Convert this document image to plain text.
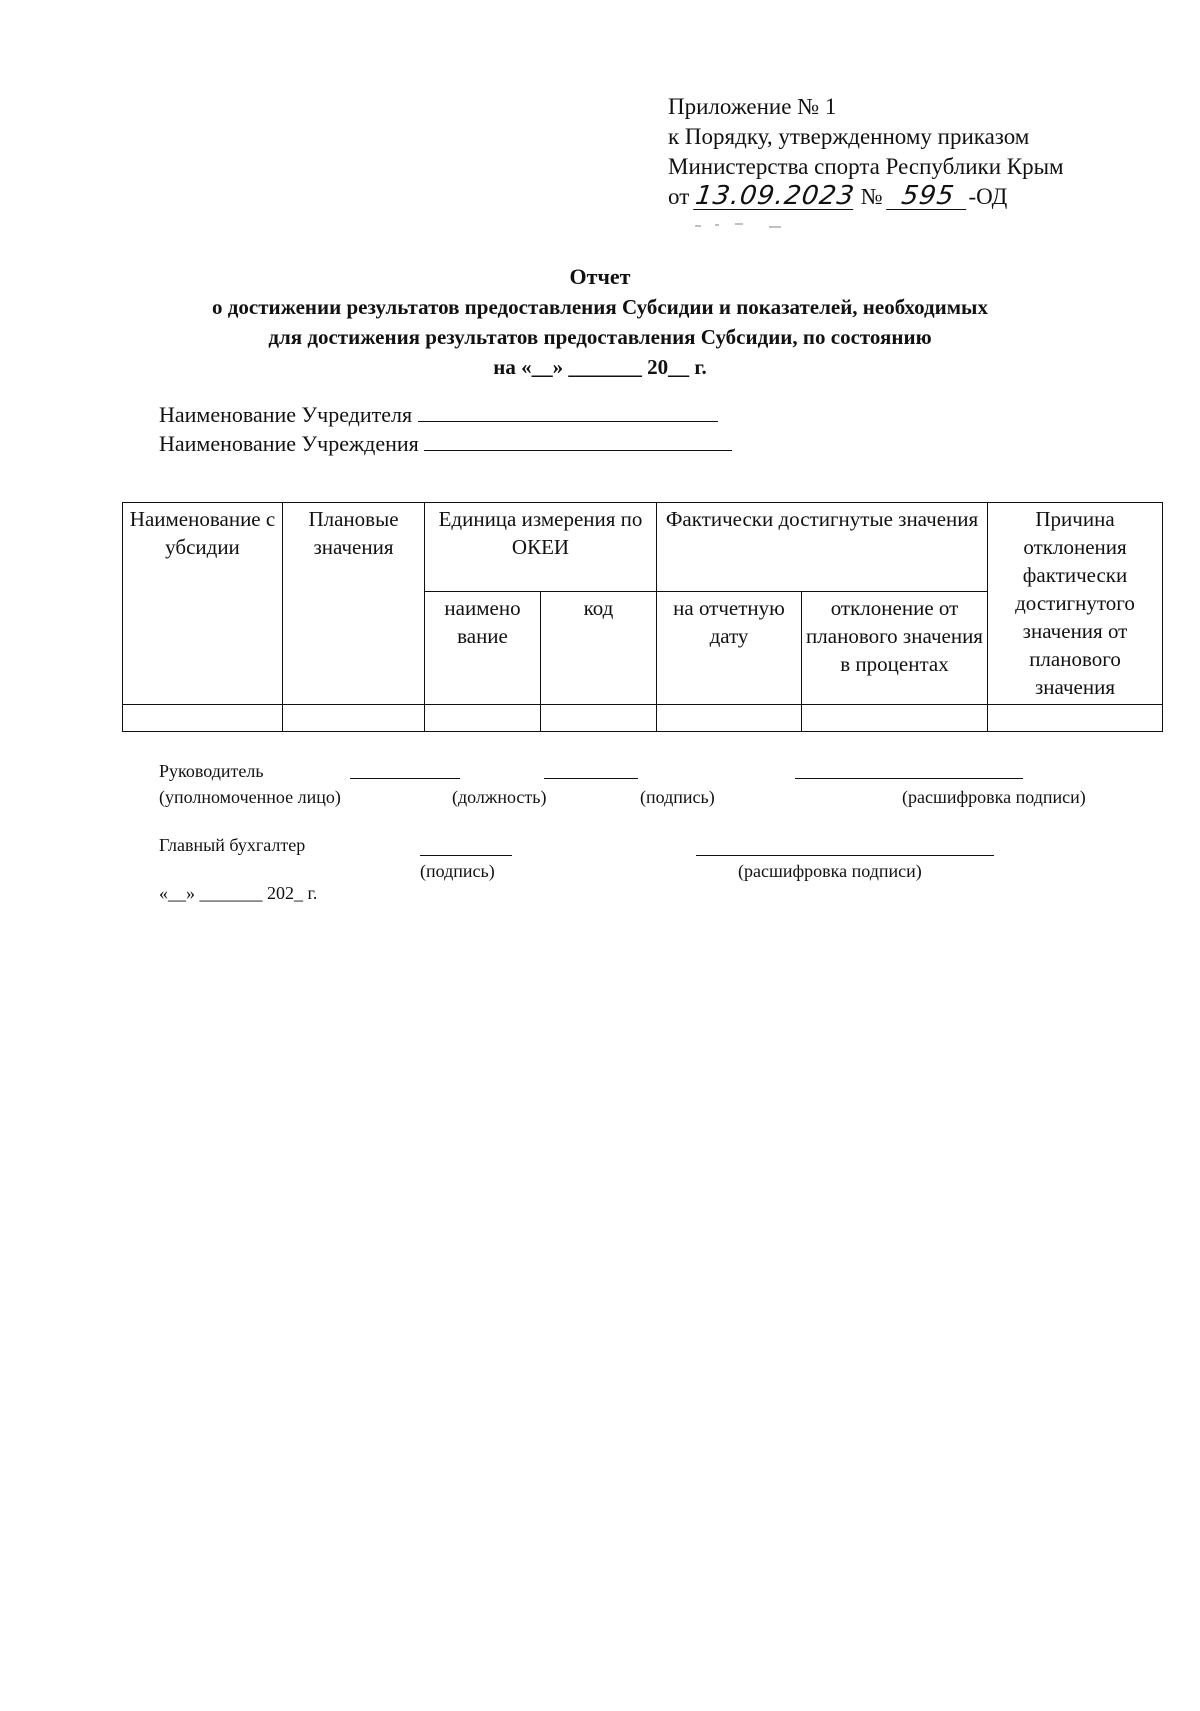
Приложение № 1
к Порядку, утвержденному приказом
Министерства спорта Республики Крым
от 13.09.2023 № 595 -ОД
Отчет
о достижении результатов предоставления Субсидии и показателей, необходимых
для достижения результатов предоставления Субсидии, по состоянию
на «__» _______ 20__ г.
Наименование Учредителя
Наименование Учреждения
Наименование субсидии	Плановые значения	Единица измерения по ОКЕИ		Фактически достигнутые значения		Причина отклонения фактически достигнутого значения от планового значения
		наимено вание	код	на отчетную дату	отклонение от планового значения в процентах	

Руководитель
(уполномоченное лицо)	(должность)	(подпись)	(расшифровка подписи)
Главный бухгалтер
(подпись)	(расшифровка подписи)
«__» _______ 202_ г.
